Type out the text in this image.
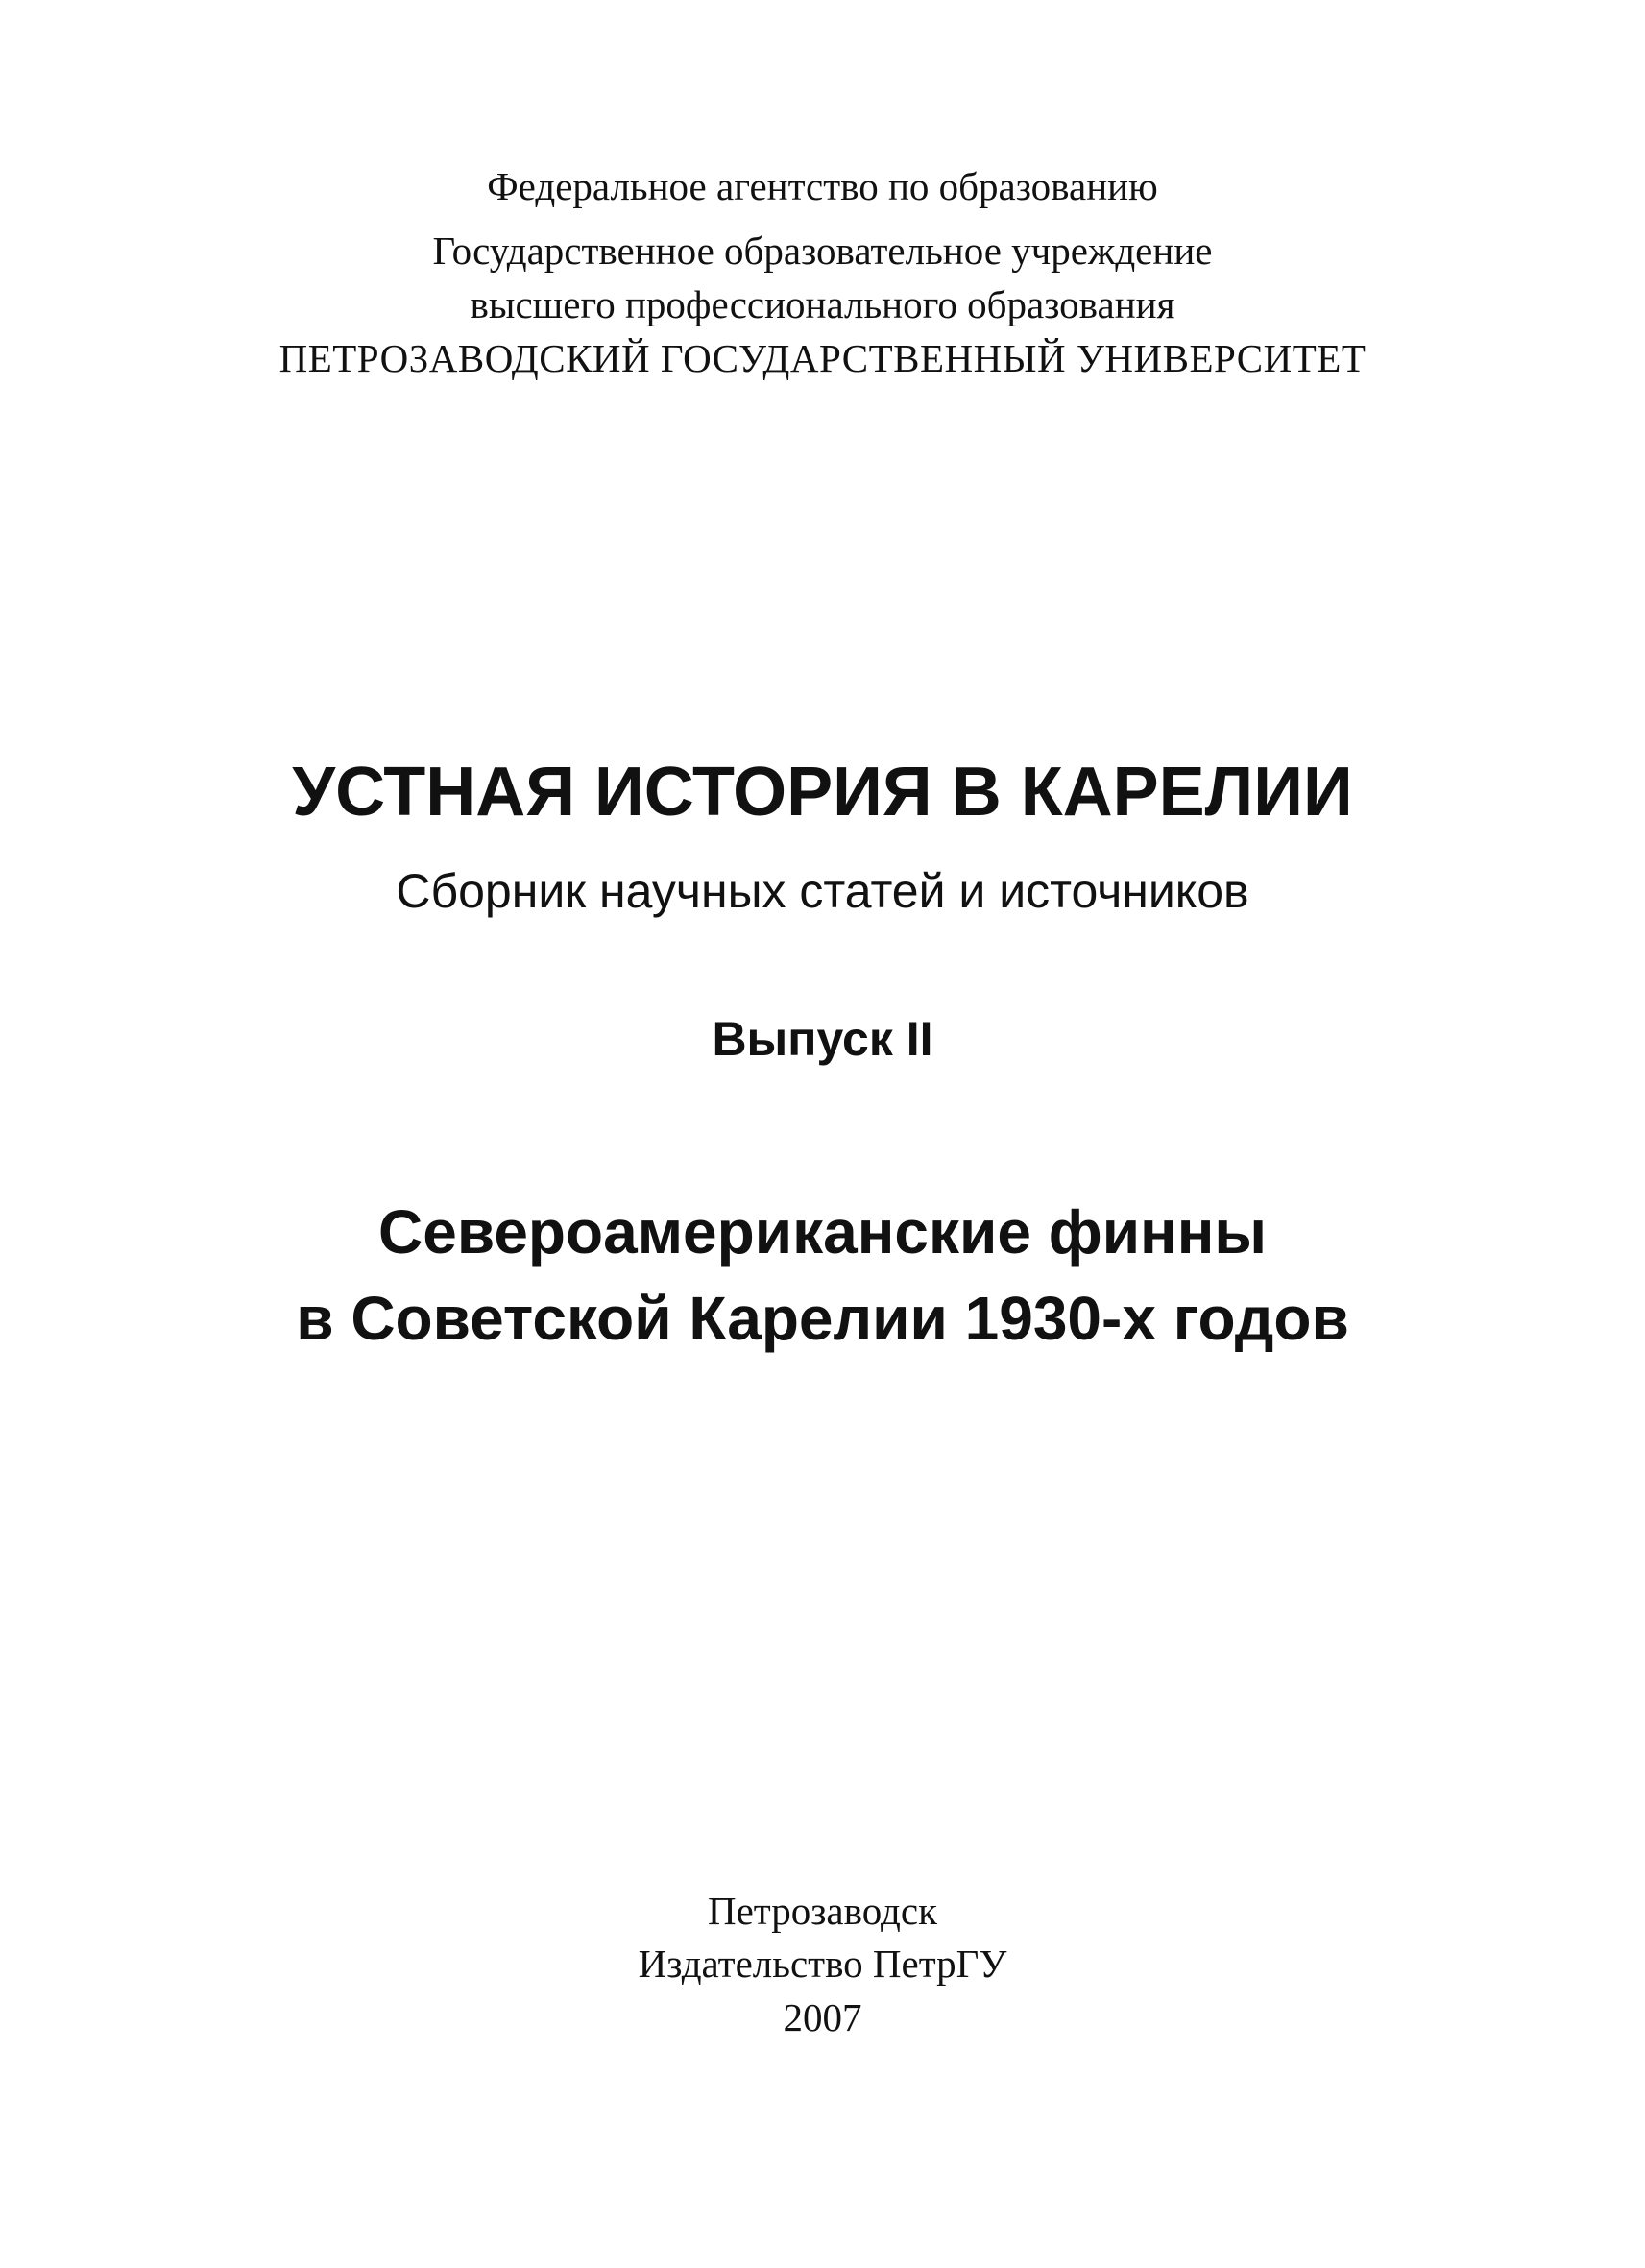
Федеральное агентство по образованию

Государственное образовательное учреждение

высшего профессионального образования

ПЕТРОЗАВОДСКИЙ ГОСУДАРСТВЕННЫЙ УНИВЕРСИТЕТ

УСТНАЯ ИСТОРИЯ В КАРЕЛИИ

Сборник научных статей и источников

Выпуск II

Североамериканские финны
в Советской Карелии 1930-х годов

Петрозаводск

Издательство ПетрГУ

2007
